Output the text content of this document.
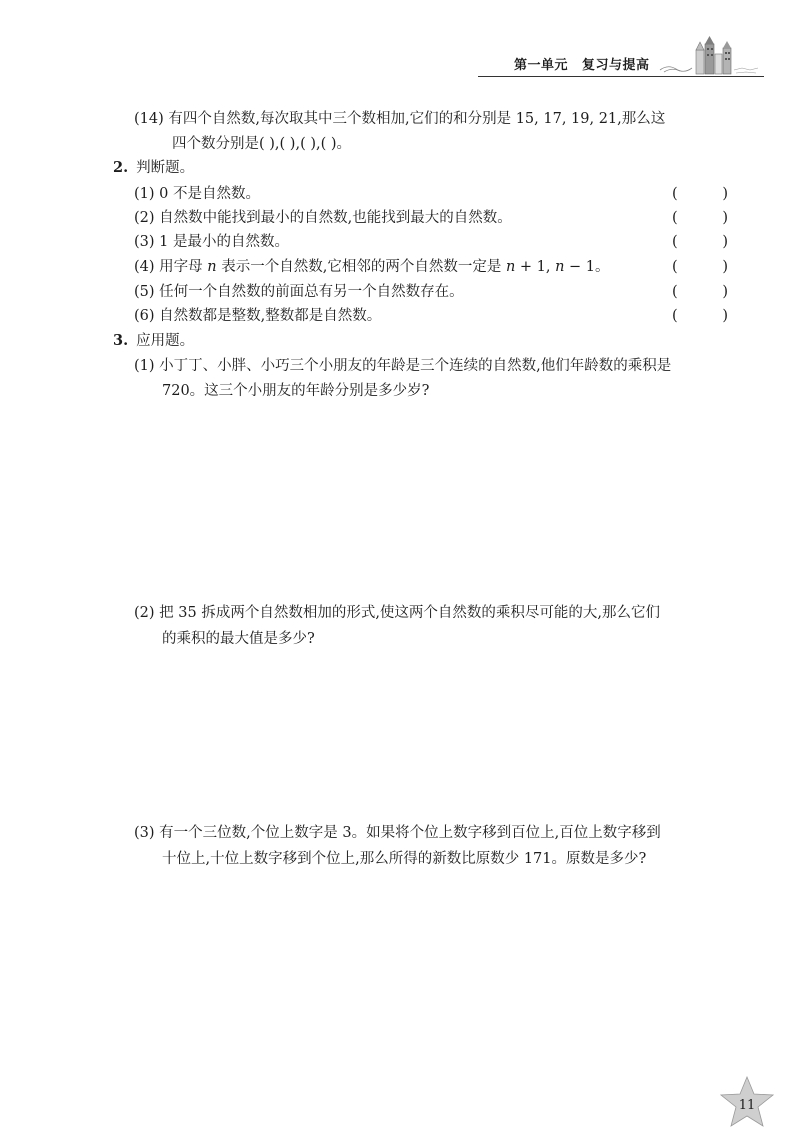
第一单元 复习与提高
(14) 有四个自然数,每次取其中三个数相加,它们的和分别是 15, 17, 19, 21,那么这
四个数分别是( ),( ),( ),( )。
2. 判断题。
(1) 0 不是自然数。	(	)
(2) 自然数中能找到最小的自然数,也能找到最大的自然数。	(	)
(3) 1 是最小的自然数。	(	)
(4) 用字母 n 表示一个自然数,它相邻的两个自然数一定是 n + 1, n − 1。	(	)
(5) 任何一个自然数的前面总有另一个自然数存在。	(	)
(6) 自然数都是整数,整数都是自然数。	(	)
3. 应用题。
(1) 小丁丁、小胖、小巧三个小朋友的年龄是三个连续的自然数,他们年龄数的乘积是
720。这三个小朋友的年龄分别是多少岁?
(2) 把 35 拆成两个自然数相加的形式,使这两个自然数的乘积尽可能的大,那么它们
的乘积的最大值是多少?
(3) 有一个三位数,个位上数字是 3。如果将个位上数字移到百位上,百位上数字移到
十位上,十位上数字移到个位上,那么所得的新数比原数少 171。原数是多少?
11
